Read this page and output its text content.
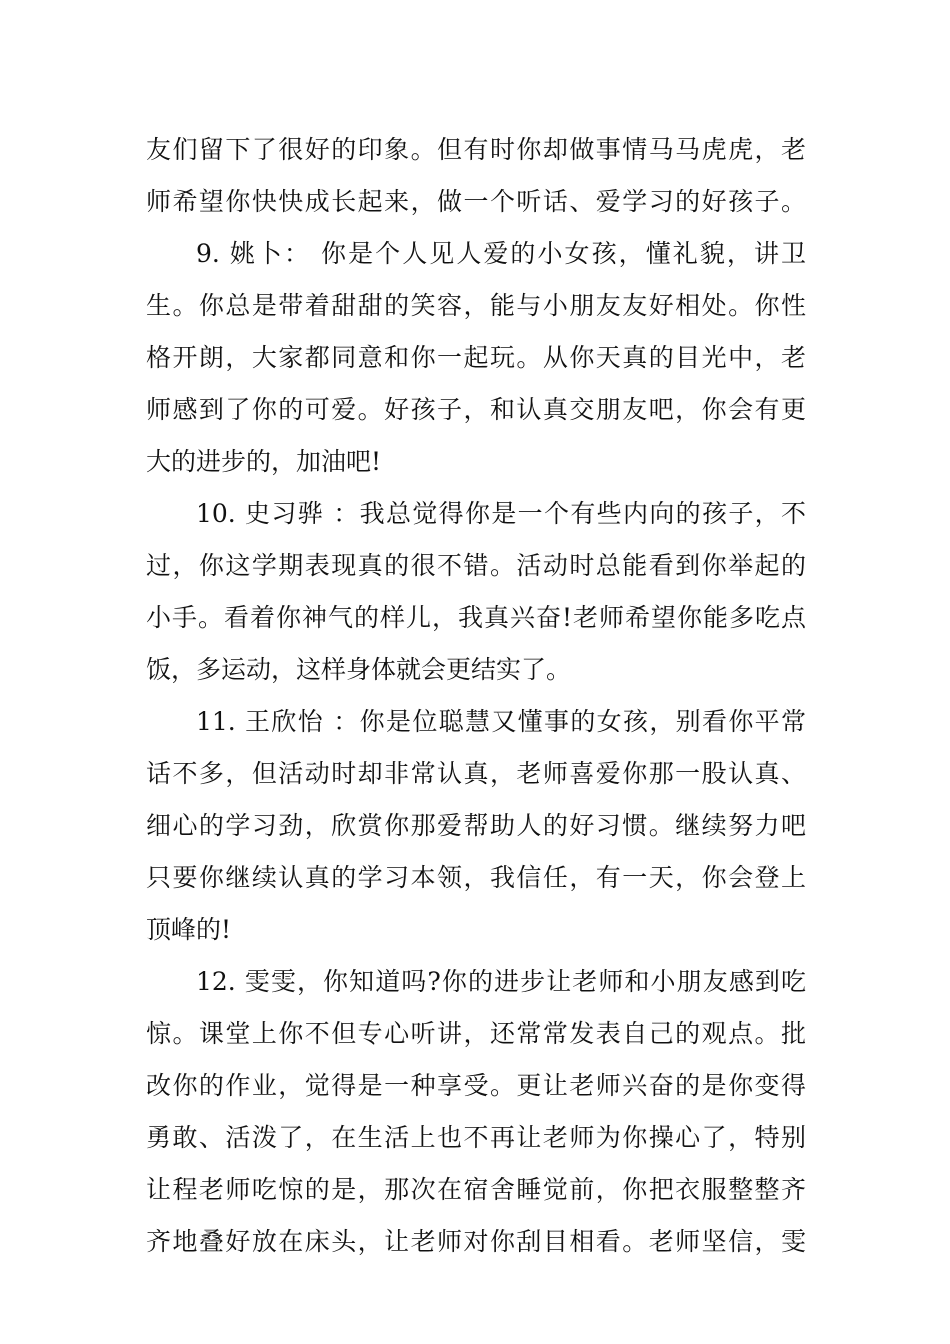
友们留下了很好的印象。但有时你却做事情马马虎虎，老
师希望你快快成长起来，做一个听话、爱学习的好孩子。
9. 姚卜： 你是个人见人爱的小女孩，懂礼貌，讲卫
生。你总是带着甜甜的笑容，能与小朋友友好相处。你性
格开朗，大家都同意和你一起玩。从你天真的目光中，老
师感到了你的可爱。好孩子，和认真交朋友吧，你会有更
大的进步的，加油吧!
10. 史习骅 ：我总觉得你是一个有些内向的孩子，不
过，你这学期表现真的很不错。活动时总能看到你举起的
小手。看着你神气的样儿，我真兴奋!老师希望你能多吃点
饭，多运动，这样身体就会更结实了。
11. 王欣怡 ：你是位聪慧又懂事的女孩，别看你平常
话不多，但活动时却非常认真，老师喜爱你那一股认真、
细心的学习劲，欣赏你那爱帮助人的好习惯。继续努力吧
只要你继续认真的学习本领，我信任，有一天，你会登上
顶峰的!
12. 雯雯，你知道吗?你的进步让老师和小朋友感到吃
惊。课堂上你不但专心听讲，还常常发表自己的观点。批
改你的作业，觉得是一种享受。更让老师兴奋的是你变得
勇敢、活泼了，在生活上也不再让老师为你操心了，特别
让程老师吃惊的是，那次在宿舍睡觉前，你把衣服整整齐
齐地叠好放在床头，让老师对你刮目相看。老师坚信，雯
